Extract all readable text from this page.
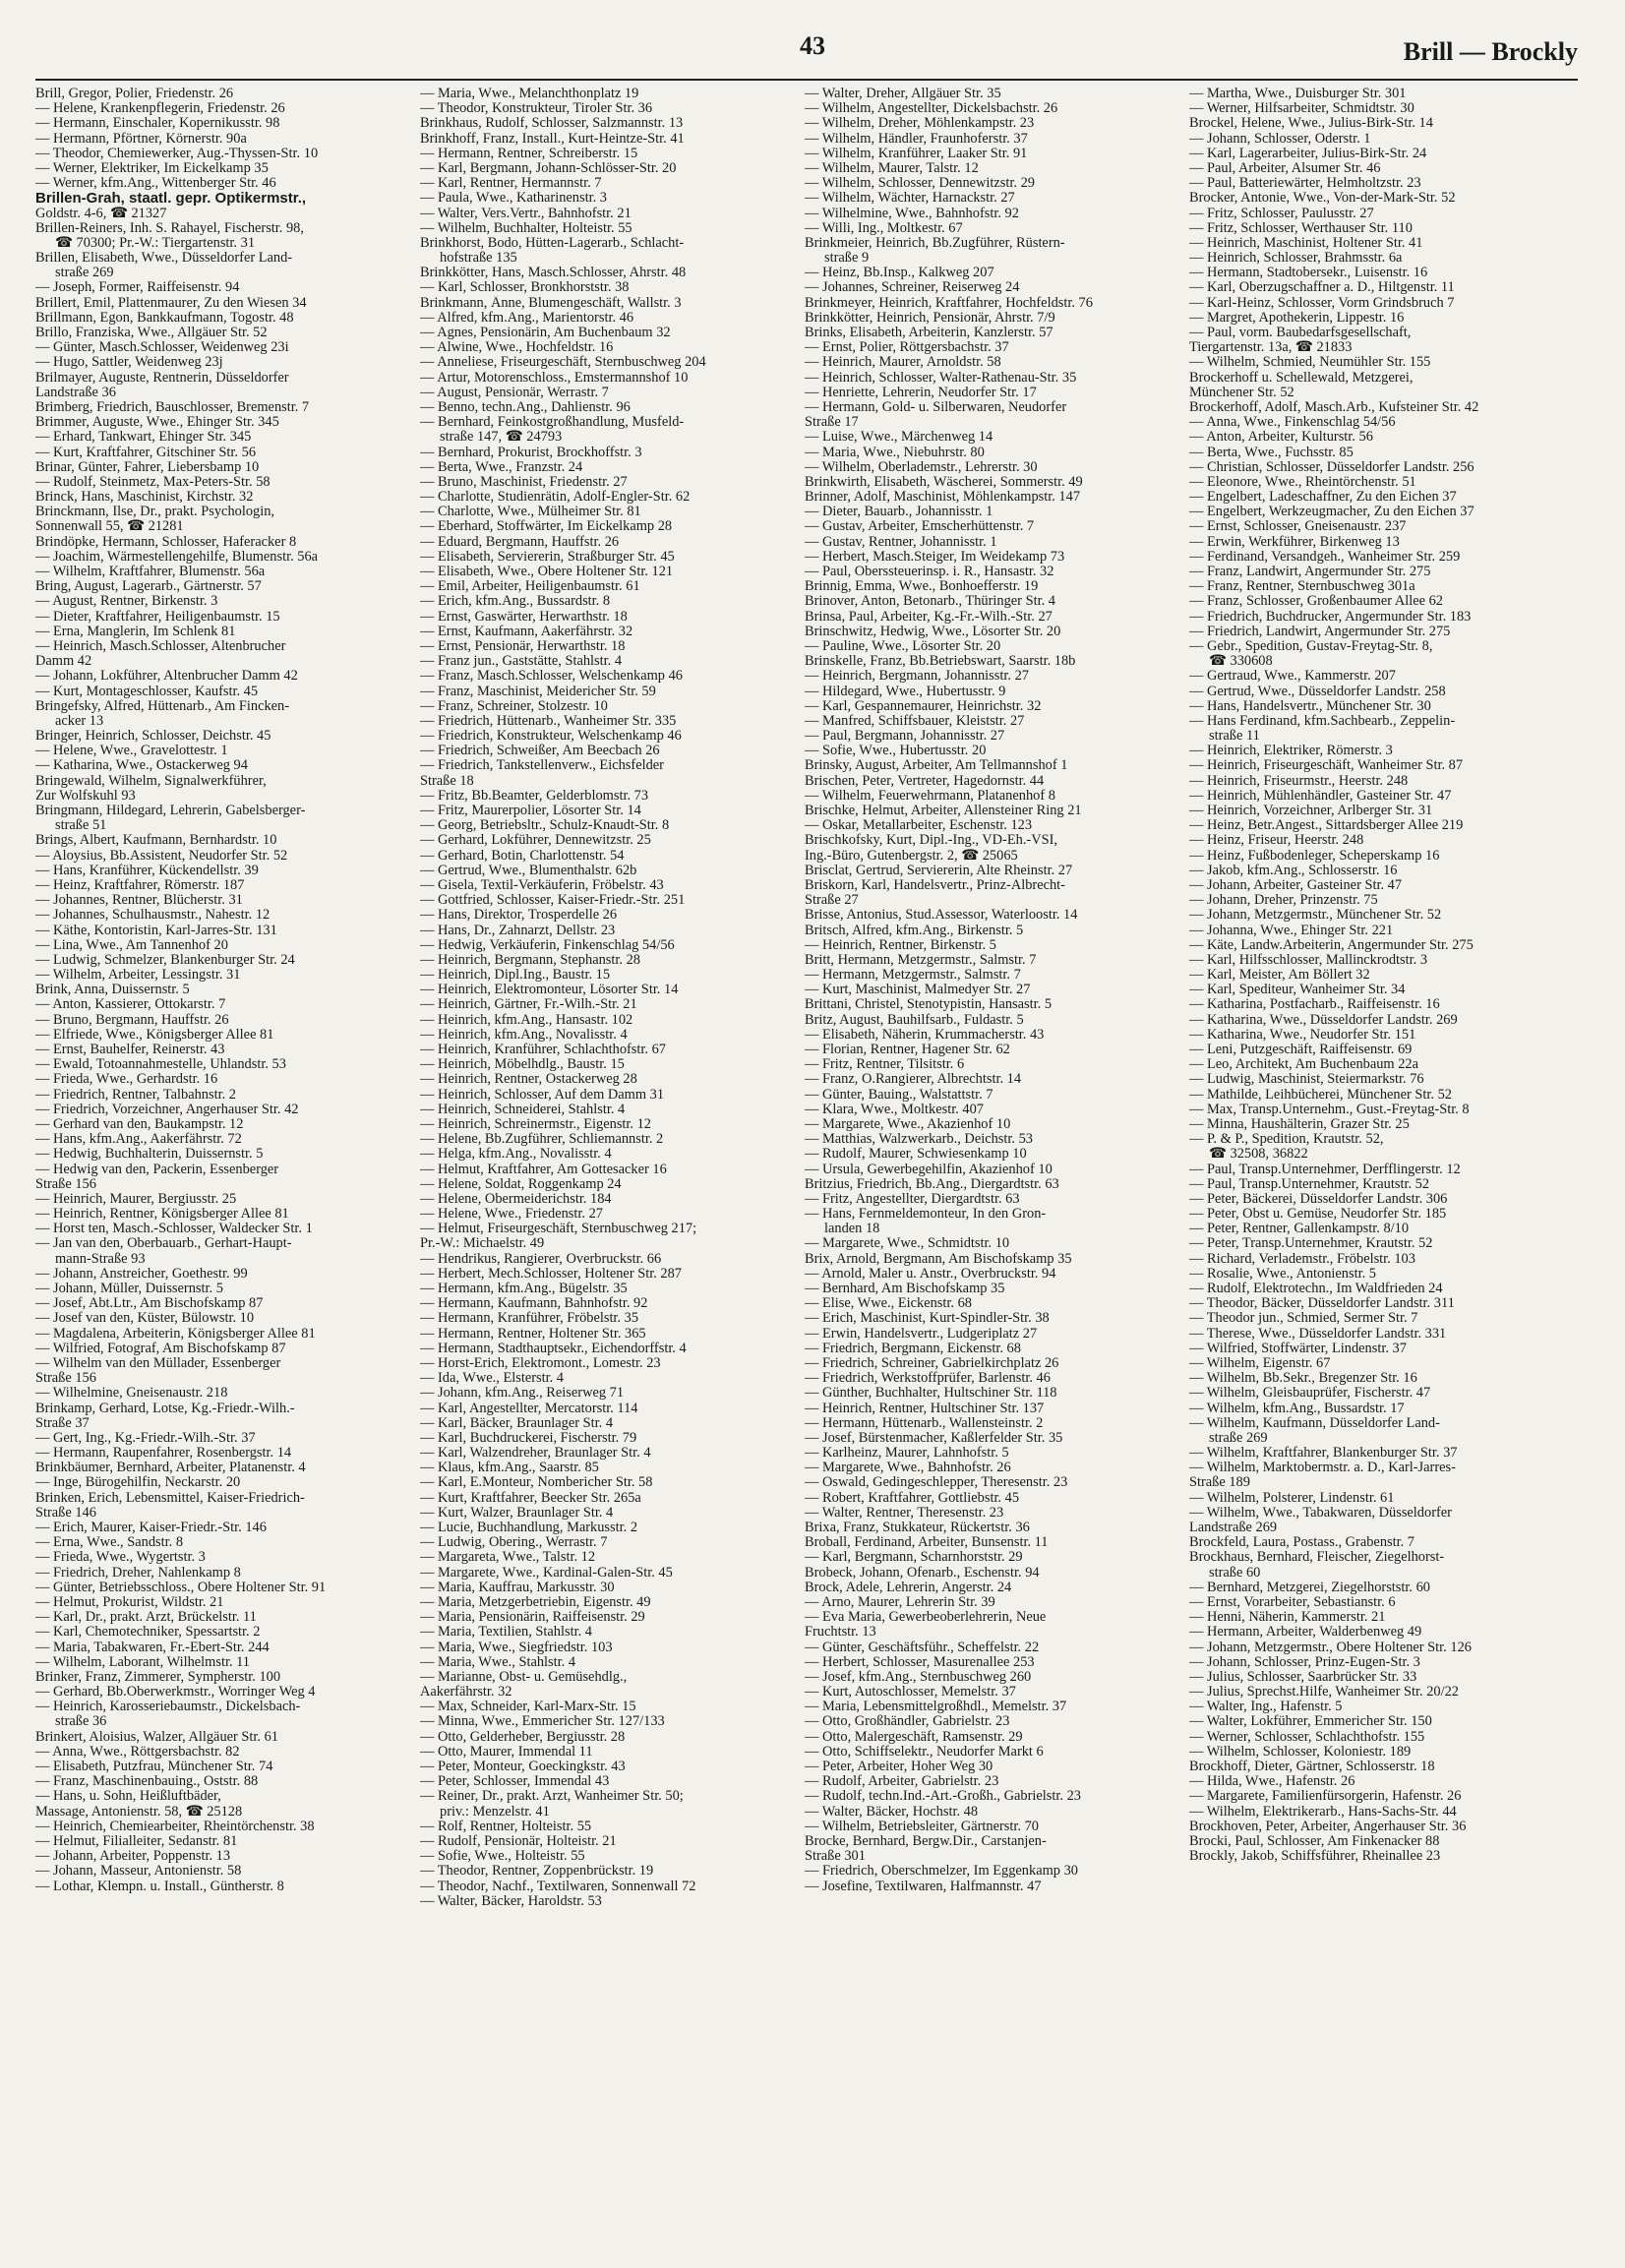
43	Brill — Brockly
Brill, Gregor, Polier, Friedenstr. 26
— Helene, Krankenpflegerin, Friedenstr. 26
— Hermann, Einschaler, Kopernikusstr. 98
— Hermann, Pförtner, Körnerstr. 90a
— Theodor, Chemiewerker, Aug.-Thyssen-Str. 10
— Werner, Elektriker, Im Eickelkamp 35
— Werner, kfm.Ang., Wittenberger Str. 46
Brillen-Grah, staatl. gepr. Optikermstr.,
Goldstr. 4-6, ☎ 21327
Brillen-Reiners, Inh. S. Rahayel, Fischerstr. 98,
☎ 70300; Pr.-W.: Tiergartenstr. 31
Brillen, Elisabeth, Wwe., Düsseldorfer Land-
straße 269
— Joseph, Former, Raiffeisenstr. 94
Brillert, Emil, Plattenmaurer, Zu den Wiesen 34
Brillmann, Egon, Bankkaufmann, Togostr. 48
Brillo, Franziska, Wwe., Allgäuer Str. 52
— Günter, Masch.Schlosser, Weidenweg 23i
— Hugo, Sattler, Weidenweg 23j
Brilmayer, Auguste, Rentnerin, Düsseldorfer
Landstraße 36
Brimberg, Friedrich, Bauschlosser, Bremenstr. 7
Brimmer, Auguste, Wwe., Ehinger Str. 345
— Erhard, Tankwart, Ehinger Str. 345
— Kurt, Kraftfahrer, Gitschiner Str. 56
Brinar, Günter, Fahrer, Liebersbamp 10
— Rudolf, Steinmetz, Max-Peters-Str. 58
Brinck, Hans, Maschinist, Kirchstr. 32
Brinckmann, Ilse, Dr., prakt. Psychologin,
Sonnenwall 55, ☎ 21281
Brindöpke, Hermann, Schlosser, Haferacker 8
— Joachim, Wärmestellengehilfe, Blumenstr. 56a
— Wilhelm, Kraftfahrer, Blumenstr. 56a
Bring, August, Lagerarb., Gärtnerstr. 57
— August, Rentner, Birkenstr. 3
— Dieter, Kraftfahrer, Heiligenbaumstr. 15
— Erna, Manglerin, Im Schlenk 81
— Heinrich, Masch.Schlosser, Altenbrucher
Damm 42
— Johann, Lokführer, Altenbrucher Damm 42
— Kurt, Montageschlosser, Kaufstr. 45
Bringefsky, Alfred, Hüttenarb., Am Fincken-
acker 13
Bringer, Heinrich, Schlosser, Deichstr. 45
— Helene, Wwe., Gravelottestr. 1
— Katharina, Wwe., Ostackerweg 94
Bringewald, Wilhelm, Signalwerkführer,
Zur Wolfskuhl 93
Bringmann, Hildegard, Lehrerin, Gabelsberger-
straße 51
Brings, Albert, Kaufmann, Bernhardstr. 10
— Aloysius, Bb.Assistent, Neudorfer Str. 52
— Hans, Kranführer, Kückendellstr. 39
— Heinz, Kraftfahrer, Römerstr. 187
— Johannes, Rentner, Blücherstr. 31
— Johannes, Schulhausmstr., Nahestr. 12
— Käthe, Kontoristin, Karl-Jarres-Str. 131
— Lina, Wwe., Am Tannenhof 20
— Ludwig, Schmelzer, Blankenburger Str. 24
— Wilhelm, Arbeiter, Lessingstr. 31
Brink, Anna, Duissernstr. 5
— Anton, Kassierer, Ottokarstr. 7
— Bruno, Bergmann, Hauffstr. 26
— Elfriede, Wwe., Königsberger Allee 81
— Ernst, Bauhelfer, Reinerstr. 43
— Ewald, Totoannahmestelle, Uhlandstr. 53
— Frieda, Wwe., Gerhardstr. 16
— Friedrich, Rentner, Talbahnstr. 2
— Friedrich, Vorzeichner, Angerhauser Str. 42
— Gerhard van den, Baukampstr. 12
— Hans, kfm.Ang., Aakerfährstr. 72
— Hedwig, Buchhalterin, Duissernstr. 5
— Hedwig van den, Packerin, Essenberger
Straße 156
— Heinrich, Maurer, Bergiusstr. 25
— Heinrich, Rentner, Königsberger Allee 81
— Horst ten, Masch.-Schlosser, Waldecker Str. 1
— Jan van den, Oberbauarb., Gerhart-Haupt-
mann-Straße 93
— Johann, Anstreicher, Goethestr. 99
— Johann, Müller, Duissernstr. 5
— Josef, Abt.Ltr., Am Bischofskamp 87
— Josef van den, Küster, Bülowstr. 10
— Magdalena, Arbeiterin, Königsberger Allee 81
— Wilfried, Fotograf, Am Bischofskamp 87
— Wilhelm van den Müllader, Essenberger
Straße 156
— Wilhelmine, Gneisenaustr. 218
Brinkamp, Gerhard, Lotse, Kg.-Friedr.-Wilh.-
Straße 37
— Gert, Ing., Kg.-Friedr.-Wilh.-Str. 37
— Hermann, Raupenfahrer, Rosenbergstr. 14
Brinkbäumer, Bernhard, Arbeiter, Platanenstr. 4
— Inge, Bürogehilfin, Neckarstr. 20
Brinken, Erich, Lebensmittel, Kaiser-Friedrich-
Straße 146
— Erich, Maurer, Kaiser-Friedr.-Str. 146
— Erna, Wwe., Sandstr. 8
— Frieda, Wwe., Wygertstr. 3
— Friedrich, Dreher, Nahlenkamp 8
— Günter, Betriebsschloss., Obere Holtener Str. 91
— Helmut, Prokurist, Wildstr. 21
— Karl, Dr., prakt. Arzt, Brückelstr. 11
— Karl, Chemotechniker, Spessartstr. 2
— Maria, Tabakwaren, Fr.-Ebert-Str. 244
— Wilhelm, Laborant, Wilhelmstr. 11
Brinker, Franz, Zimmerer, Sympherstr. 100
— Gerhard, Bb.Oberwerkmstr., Worringer Weg 4
— Heinrich, Karosseriebaumstr., Dickelsbach-
straße 36
Brinkert, Aloisius, Walzer, Allgäuer Str. 61
— Anna, Wwe., Röttgersbachstr. 82
— Elisabeth, Putzfrau, Münchener Str. 74
— Franz, Maschinenbauing., Oststr. 88
— Hans, u. Sohn, Heißluftbäder,
Massage, Antonienstr. 58, ☎ 25128
— Heinrich, Chemiearbeiter, Rheintörchenstr. 38
— Helmut, Filialleiter, Sedanstr. 81
— Johann, Arbeiter, Poppenstr. 13
— Johann, Masseur, Antonienstr. 58
— Lothar, Klempn. u. Install., Güntherstr. 8
— Maria, Wwe., Melanchthonplatz 19
— Theodor, Konstrukteur, Tiroler Str. 36
Brinkhaus, Rudolf, Schlosser, Salzmannstr. 13
Brinkhoff, Franz, Install., Kurt-Heintze-Str. 41
— Hermann, Rentner, Schreiberstr. 15
— Karl, Bergmann, Johann-Schlösser-Str. 20
— Karl, Rentner, Hermannstr. 7
— Paula, Wwe., Katharinenstr. 3
— Walter, Vers.Vertr., Bahnhofstr. 21
— Wilhelm, Buchhalter, Holteistr. 55
Brinkhorst, Bodo, Hütten-Lagerarb., Schlacht-
hofstraße 135
Brinkkötter, Hans, Masch.Schlosser, Ahrstr. 48
— Karl, Schlosser, Bronkhorststr. 38
Brinkmann, Änne, Blumengeschäft, Wallstr. 3
— Alfred, kfm.Ang., Marientorstr. 46
— Agnes, Pensionärin, Am Buchenbaum 32
— Alwine, Wwe., Hochfeldstr. 16
— Anneliese, Friseurgeschäft, Sternbuschweg 204
— Artur, Motorenschloss., Emstermannshof 10
— August, Pensionär, Werrastr. 7
— Benno, techn.Ang., Dahlienstr. 96
— Bernhard, Feinkostgroßhandlung, Musfeld-
straße 147, ☎ 24793
— Bernhard, Prokurist, Brockhoffstr. 3
— Berta, Wwe., Franzstr. 24
— Bruno, Maschinist, Friedenstr. 27
— Charlotte, Studienrätin, Adolf-Engler-Str. 62
— Charlotte, Wwe., Mülheimer Str. 81
— Eberhard, Stoffwärter, Im Eickelkamp 28
— Eduard, Bergmann, Hauffstr. 26
— Elisabeth, Serviererin, Straßburger Str. 45
— Elisabeth, Wwe., Obere Holtener Str. 121
— Emil, Arbeiter, Heiligenbaumstr. 61
— Erich, kfm.Ang., Bussardstr. 8
— Ernst, Gaswärter, Herwarthstr. 18
— Ernst, Kaufmann, Aakerfährstr. 32
— Ernst, Pensionär, Herwarthstr. 18
— Franz jun., Gaststätte, Stahlstr. 4
— Franz, Masch.Schlosser, Welschenkamp 46
— Franz, Maschinist, Meidericher Str. 59
— Franz, Schreiner, Stolzestr. 10
— Friedrich, Hüttenarb., Wanheimer Str. 335
— Friedrich, Konstrukteur, Welschenkamp 46
— Friedrich, Schweißer, Am Beecbach 26
— Friedrich, Tankstellenverw., Eichsfelder
Straße 18
— Fritz, Bb.Beamter, Gelderblomstr. 73
— Fritz, Maurerpolier, Lösorter Str. 14
— Georg, Betriebsltr., Schulz-Knaudt-Str. 8
— Gerhard, Lokführer, Dennewitzstr. 25
— Gerhard, Botin, Charlottenstr. 54
— Gertrud, Wwe., Blumenthalstr. 62b
— Gisela, Textil-Verkäuferin, Fröbelstr. 43
— Gottfried, Schlosser, Kaiser-Friedr.-Str. 251
— Hans, Direktor, Trosperdelle 26
— Hans, Dr., Zahnarzt, Dellstr. 23
— Hedwig, Verkäuferin, Finkenschlag 54/56
— Heinrich, Bergmann, Stephanstr. 28
— Heinrich, Dipl.Ing., Baustr. 15
— Heinrich, Elektromonteur, Lösorter Str. 14
— Heinrich, Gärtner, Fr.-Wilh.-Str. 21
— Heinrich, kfm.Ang., Hansastr. 102
— Heinrich, kfm.Ang., Novalisstr. 4
— Heinrich, Kranführer, Schlachthofstr. 67
— Heinrich, Möbelhdlg., Baustr. 15
— Heinrich, Rentner, Ostackerweg 28
— Heinrich, Schlosser, Auf dem Damm 31
— Heinrich, Schneiderei, Stahlstr. 4
— Heinrich, Schreinermstr., Eigenstr. 12
— Helene, Bb.Zugführer, Schliemannstr. 2
— Helga, kfm.Ang., Novalisstr. 4
— Helmut, Kraftfahrer, Am Gottesacker 16
— Helene, Soldat, Roggenkamp 24
— Helene, Obermeiderichstr. 184
— Helene, Wwe., Friedenstr. 27
— Helmut, Friseurgeschäft, Sternbuschweg 217;
Pr.-W.: Michaelstr. 49
— Hendrikus, Rangierer, Overbruckstr. 66
— Herbert, Mech.Schlosser, Holtener Str. 287
— Hermann, kfm.Ang., Bügelstr. 35
— Hermann, Kaufmann, Bahnhofstr. 92
— Hermann, Kranführer, Fröbelstr. 35
— Hermann, Rentner, Holtener Str. 365
— Hermann, Stadthauptsekr., Eichendorffstr. 4
— Horst-Erich, Elektromont., Lomestr. 23
— Ida, Wwe., Elsterstr. 4
— Johann, kfm.Ang., Reiserweg 71
— Karl, Angestellter, Mercatorstr. 114
— Karl, Bäcker, Braunlager Str. 4
— Karl, Buchdruckerei, Fischerstr. 79
— Karl, Walzendreher, Braunlager Str. 4
— Klaus, kfm.Ang., Saarstr. 85
— Karl, E.Monteur, Nombericher Str. 58
— Kurt, Kraftfahrer, Beecker Str. 265a
— Kurt, Walzer, Braunlager Str. 4
— Lucie, Buchhandlung, Markusstr. 2
— Ludwig, Obering., Werrastr. 7
— Margareta, Wwe., Talstr. 12
— Margarete, Wwe., Kardinal-Galen-Str. 45
— Maria, Kauffrau, Markusstr. 30
— Maria, Metzgerbetriebin, Eigenstr. 49
— Maria, Pensionärin, Raiffeisenstr. 29
— Maria, Textilien, Stahlstr. 4
— Maria, Wwe., Siegfriedstr. 103
— Maria, Wwe., Stahlstr. 4
— Marianne, Obst- u. Gemüsehdlg.,
Aakerfährstr. 32
— Max, Schneider, Karl-Marx-Str. 15
— Minna, Wwe., Emmericher Str. 127/133
— Otto, Gelderheber, Bergiusstr. 28
— Otto, Maurer, Immendal 11
— Peter, Monteur, Goeckingkstr. 43
— Peter, Schlosser, Immendal 43
— Reiner, Dr., prakt. Arzt, Wanheimer Str. 50;
priv.: Menzelstr. 41
— Rolf, Rentner, Holteistr. 55
— Rudolf, Pensionär, Holteistr. 21
— Sofie, Wwe., Holteistr. 55
— Theodor, Rentner, Zoppenbrückstr. 19
— Theodor, Nachf., Textilwaren, Sonnenwall 72
— Walter, Bäcker, Haroldstr. 53
— Walter, Dreher, Allgäuer Str. 35
— Wilhelm, Angestellter, Dickelsbachstr. 26
— Wilhelm, Dreher, Möhlenkampstr. 23
— Wilhelm, Händler, Fraunhoferstr. 37
— Wilhelm, Kranführer, Laaker Str. 91
— Wilhelm, Maurer, Talstr. 12
— Wilhelm, Schlosser, Dennewitzstr. 29
— Wilhelm, Wächter, Harnackstr. 27
— Wilhelmine, Wwe., Bahnhofstr. 92
— Willi, Ing., Moltkestr. 67
Brinkmeier, Heinrich, Bb.Zugführer, Rüstern-
straße 9
— Heinz, Bb.Insp., Kalkweg 207
— Johannes, Schreiner, Reiserweg 24
Brinkmeyer, Heinrich, Kraftfahrer, Hochfeldstr. 76
Brinkkötter, Heinrich, Pensionär, Ahrstr. 7/9
Brinks, Elisabeth, Arbeiterin, Kanzlerstr. 57
— Ernst, Polier, Röttgersbachstr. 37
— Heinrich, Maurer, Arnoldstr. 58
— Heinrich, Schlosser, Walter-Rathenau-Str. 35
— Henriette, Lehrerin, Neudorfer Str. 17
— Hermann, Gold- u. Silberwaren, Neudorfer
Straße 17
— Luise, Wwe., Märchenweg 14
— Maria, Wwe., Niebuhrstr. 80
— Wilhelm, Oberlademstr., Lehrerstr. 30
Brinkwirth, Elisabeth, Wäscherei, Sommerstr. 49
Brinner, Adolf, Maschinist, Möhlenkampstr. 147
— Dieter, Bauarb., Johannisstr. 1
— Gustav, Arbeiter, Emscherhüttenstr. 7
— Gustav, Rentner, Johannisstr. 1
— Herbert, Masch.Steiger, Im Weidekamp 73
— Paul, Oberssteuerinsp. i. R., Hansastr. 32
Brinnig, Emma, Wwe., Bonhoefferstr. 19
Brinover, Anton, Betonarb., Thüringer Str. 4
Brinsa, Paul, Arbeiter, Kg.-Fr.-Wilh.-Str. 27
Brinschwitz, Hedwig, Wwe., Lösorter Str. 20
— Pauline, Wwe., Lösorter Str. 20
Brinskelle, Franz, Bb.Betriebswart, Saarstr. 18b
— Heinrich, Bergmann, Johannisstr. 27
— Hildegard, Wwe., Hubertusstr. 9
— Karl, Gespannemaurer, Heinrichstr. 32
— Manfred, Schiffsbauer, Kleiststr. 27
— Paul, Bergmann, Johannisstr. 27
— Sofie, Wwe., Hubertusstr. 20
Brinsky, August, Arbeiter, Am Tellmannshof 1
Brischen, Peter, Vertreter, Hagedornstr. 44
— Wilhelm, Feuerwehrmann, Platanenhof 8
Brischke, Helmut, Arbeiter, Allensteiner Ring 21
— Oskar, Metallarbeiter, Eschenstr. 123
Brischkofsky, Kurt, Dipl.-Ing., VD-Eh.-VSI,
Ing.-Büro, Gutenbergstr. 2, ☎ 25065
Brisclat, Gertrud, Serviererin, Alte Rheinstr. 27
Briskorn, Karl, Handelsvertr., Prinz-Albrecht-
Straße 27
Brisse, Antonius, Stud.Assessor, Waterloostr. 14
Britsch, Alfred, kfm.Ang., Birkenstr. 5
— Heinrich, Rentner, Birkenstr. 5
Britt, Hermann, Metzgermstr., Salmstr. 7
— Hermann, Metzgermstr., Salmstr. 7
— Kurt, Maschinist, Malmedyer Str. 27
Brittani, Christel, Stenotypistin, Hansastr. 5
Britz, August, Bauhilfsarb., Fuldastr. 5
— Elisabeth, Näherin, Krummacherstr. 43
— Florian, Rentner, Hagener Str. 62
— Fritz, Rentner, Tilsitstr. 6
— Franz, O.Rangierer, Albrechtstr. 14
— Günter, Bauing., Walstattstr. 7
— Klara, Wwe., Moltkestr. 407
— Margarete, Wwe., Akazienhof 10
— Matthias, Walzwerkarb., Deichstr. 53
— Rudolf, Maurer, Schwiesenkamp 10
— Ursula, Gewerbegehilfin, Akazienhof 10
Britzius, Friedrich, Bb.Ang., Diergardtstr. 63
— Fritz, Angestellter, Diergardtstr. 63
— Hans, Fernmeldemonteur, In den Gron-
landen 18
— Margarete, Wwe., Schmidtstr. 10
Brix, Arnold, Bergmann, Am Bischofskamp 35
— Arnold, Maler u. Anstr., Overbruckstr. 94
— Bernhard, Am Bischofskamp 35
— Elise, Wwe., Eickenstr. 68
— Erich, Maschinist, Kurt-Spindler-Str. 38
— Erwin, Handelsvertr., Ludgeriplatz 27
— Friedrich, Bergmann, Eickenstr. 68
— Friedrich, Schreiner, Gabrielkirchplatz 26
— Friedrich, Werkstoffprüfer, Barlenstr. 46
— Günther, Buchhalter, Hultschiner Str. 118
— Heinrich, Rentner, Hultschiner Str. 137
— Hermann, Hüttenarb., Wallensteinstr. 2
— Josef, Bürstenmacher, Kaßlerfelder Str. 35
— Karlheinz, Maurer, Lahnhofstr. 5
— Margarete, Wwe., Bahnhofstr. 26
— Oswald, Gedingeschlepper, Theresenstr. 23
— Robert, Kraftfahrer, Gottliebstr. 45
— Walter, Rentner, Theresenstr. 23
Brixa, Franz, Stukkateur, Rückertstr. 36
Broball, Ferdinand, Arbeiter, Bunsenstr. 11
— Karl, Bergmann, Scharnhorststr. 29
Brobeck, Johann, Ofenarb., Eschenstr. 94
Brock, Adele, Lehrerin, Angerstr. 24
— Arno, Maurer, Lehrerin Str. 39
— Eva Maria, Gewerbeoberlehrerin, Neue
Fruchtstr. 13
— Günter, Geschäftsführ., Scheffelstr. 22
— Herbert, Schlosser, Masurenallee 253
— Josef, kfm.Ang., Sternbuschweg 260
— Kurt, Autoschlosser, Memelstr. 37
— Maria, Lebensmittelgroßhdl., Memelstr. 37
— Otto, Großhändler, Gabrielstr. 23
— Otto, Malergeschäft, Ramsenstr. 29
— Otto, Schiffselektr., Neudorfer Markt 6
— Peter, Arbeiter, Hoher Weg 30
— Rudolf, Arbeiter, Gabrielstr. 23
— Rudolf, techn.Ind.-Art.-Großh., Gabrielstr. 23
— Walter, Bäcker, Hochstr. 48
— Wilhelm, Betriebsleiter, Gärtnerstr. 70
Brocke, Bernhard, Bergw.Dir., Carstanjen-
Straße 301
— Friedrich, Oberschmelzer, Im Eggenkamp 30
— Josefine, Textilwaren, Halfmannstr. 47
— Martha, Wwe., Duisburger Str. 301
— Werner, Hilfsarbeiter, Schmidtstr. 30
Brockel, Helene, Wwe., Julius-Birk-Str. 14
— Johann, Schlosser, Oderstr. 1
— Karl, Lagerarbeiter, Julius-Birk-Str. 24
— Paul, Arbeiter, Alsumer Str. 46
— Paul, Batteriewärter, Helmholtzstr. 23
Brocker, Antonie, Wwe., Von-der-Mark-Str. 52
— Fritz, Schlosser, Paulusstr. 27
— Fritz, Schlosser, Werthauser Str. 110
— Heinrich, Maschinist, Holtener Str. 41
— Heinrich, Schlosser, Brahmsstr. 6a
— Hermann, Stadtobersekr., Luisenstr. 16
— Karl, Oberzugschaffner a. D., Hiltgenstr. 11
— Karl-Heinz, Schlosser, Vorm Grindsbruch 7
— Margret, Apothekerin, Lippestr. 16
— Paul, vorm. Baubedarfsgesellschaft,
Tiergartenstr. 13a, ☎ 21833
— Wilhelm, Schmied, Neumühler Str. 155
Brockerhoff u. Schellewald, Metzgerei,
Münchener Str. 52
Brockerhoff, Adolf, Masch.Arb., Kufsteiner Str. 42
— Anna, Wwe., Finkenschlag 54/56
— Anton, Arbeiter, Kulturstr. 56
— Berta, Wwe., Fuchsstr. 85
— Christian, Schlosser, Düsseldorfer Landstr. 256
— Eleonore, Wwe., Rheintörchenstr. 51
— Engelbert, Ladeschaffner, Zu den Eichen 37
— Engelbert, Werkzeugmacher, Zu den Eichen 37
— Ernst, Schlosser, Gneisenaustr. 237
— Erwin, Werkführer, Birkenweg 13
— Ferdinand, Versandgeh., Wanheimer Str. 259
— Franz, Landwirt, Angermunder Str. 275
— Franz, Rentner, Sternbuschweg 301a
— Franz, Schlosser, Großenbaumer Allee 62
— Friedrich, Buchdrucker, Angermunder Str. 183
— Friedrich, Landwirt, Angermunder Str. 275
— Gebr., Spedition, Gustav-Freytag-Str. 8,
☎ 330608
— Gertraud, Wwe., Kammerstr. 207
— Gertrud, Wwe., Düsseldorfer Landstr. 258
— Hans, Handelsvertr., Münchener Str. 30
— Hans Ferdinand, kfm.Sachbearb., Zeppelin-
straße 11
— Heinrich, Elektriker, Römerstr. 3
— Heinrich, Friseurgeschäft, Wanheimer Str. 87
— Heinrich, Friseurmstr., Heerstr. 248
— Heinrich, Mühlenhändler, Gasteiner Str. 47
— Heinrich, Vorzeichner, Arlberger Str. 31
— Heinz, Betr.Angest., Sittardsberger Allee 219
— Heinz, Friseur, Heerstr. 248
— Heinz, Fußbodenleger, Scheperskamp 16
— Jakob, kfm.Ang., Schlosserstr. 16
— Johann, Arbeiter, Gasteiner Str. 47
— Johann, Dreher, Prinzenstr. 75
— Johann, Metzgermstr., Münchener Str. 52
— Johanna, Wwe., Ehinger Str. 221
— Käte, Landw.Arbeiterin, Angermunder Str. 275
— Karl, Hilfsschlosser, Mallinckrodtstr. 3
— Karl, Meister, Am Böllert 32
— Karl, Spediteur, Wanheimer Str. 34
— Katharina, Postfacharb., Raiffeisenstr. 16
— Katharina, Wwe., Düsseldorfer Landstr. 269
— Katharina, Wwe., Neudorfer Str. 151
— Leni, Putzgeschäft, Raiffeisenstr. 69
— Leo, Architekt, Am Buchenbaum 22a
— Ludwig, Maschinist, Steiermarkstr. 76
— Mathilde, Leihbücherei, Münchener Str. 52
— Max, Transp.Unternehm., Gust.-Freytag-Str. 8
— Minna, Haushälterin, Grazer Str. 25
— P. & P., Spedition, Krautstr. 52,
☎ 32508, 36822
— Paul, Transp.Unternehmer, Derfflingerstr. 12
— Paul, Transp.Unternehmer, Krautstr. 52
— Peter, Bäckerei, Düsseldorfer Landstr. 306
— Peter, Obst u. Gemüse, Neudorfer Str. 185
— Peter, Rentner, Gallenkampstr. 8/10
— Peter, Transp.Unternehmer, Krautstr. 52
— Richard, Verlademstr., Fröbelstr. 103
— Rosalie, Wwe., Antonienstr. 5
— Rudolf, Elektrotechn., Im Waldfrieden 24
— Theodor, Bäcker, Düsseldorfer Landstr. 311
— Theodor jun., Schmied, Sermer Str. 7
— Therese, Wwe., Düsseldorfer Landstr. 331
— Wilfried, Stoffwärter, Lindenstr. 37
— Wilhelm, Eigenstr. 67
— Wilhelm, Bb.Sekr., Bregenzer Str. 16
— Wilhelm, Gleisbauprüfer, Fischerstr. 47
— Wilhelm, kfm.Ang., Bussardstr. 17
— Wilhelm, Kaufmann, Düsseldorfer Land-
straße 269
— Wilhelm, Kraftfahrer, Blankenburger Str. 37
— Wilhelm, Marktobermstr. a. D., Karl-Jarres-
Straße 189
— Wilhelm, Polsterer, Lindenstr. 61
— Wilhelm, Wwe., Tabakwaren, Düsseldorfer
Landstraße 269
Brockfeld, Laura, Postass., Grabenstr. 7
Brockhaus, Bernhard, Fleischer, Ziegelhorst-
straße 60
— Bernhard, Metzgerei, Ziegelhorststr. 60
— Ernst, Vorarbeiter, Sebastianstr. 6
— Henni, Näherin, Kammerstr. 21
— Hermann, Arbeiter, Walderbenweg 49
— Johann, Metzgermstr., Obere Holtener Str. 126
— Johann, Schlosser, Prinz-Eugen-Str. 3
— Julius, Schlosser, Saarbrücker Str. 33
— Julius, Sprechst.Hilfe, Wanheimer Str. 20/22
— Walter, Ing., Hafenstr. 5
— Walter, Lokführer, Emmericher Str. 150
— Werner, Schlosser, Schlachthofstr. 155
— Wilhelm, Schlosser, Koloniestr. 189
Brockhoff, Dieter, Gärtner, Schlosserstr. 18
— Hilda, Wwe., Hafenstr. 26
— Margarete, Familienfürsorgerin, Hafenstr. 26
— Wilhelm, Elektrikerarb., Hans-Sachs-Str. 44
Brockhoven, Peter, Arbeiter, Angerhauser Str. 36
Brocki, Paul, Schlosser, Am Finkenacker 88
Brockly, Jakob, Schiffsführer, Rheinallee 23
